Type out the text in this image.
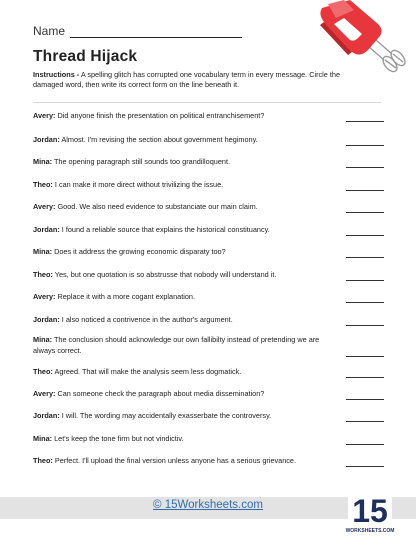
Name
Thread Hijack
Instructions - A spelling glitch has corrupted one vocabulary term in every message. Circle the damaged word, then write its correct form on the line beneath it.
Avery: Did anyone finish the presentation on political entranchisement?
Jordan: Almost. I'm revising the section about government hegimony.
Mina: The opening paragraph still sounds too grandilloquent.
Theo: I can make it more direct without trivilizing the issue.
Avery: Good. We also need evidence to substanciate our main claim.
Jordan: I found a reliable source that explains the historical constituancy.
Mina: Does it address the growing economic disparaty too?
Theo: Yes, but one quotation is so abstrusse that nobody will understand it.
Avery: Replace it with a more cogant explanation.
Jordan: I also noticed a contrivence in the author's argument.
Mina: The conclusion should acknowledge our own fallibilty instead of pretending we are always correct.
Theo: Agreed. That will make the analysis seem less dogmatick.
Avery: Can someone check the paragraph about media dissemination?
Jordan: I will. The wording may accidentally exasserbate the controversy.
Mina: Let's keep the tone firm but not vindictiv.
Theo: Perfect. I'll upload the final version unless anyone has a serious grievance.
© 15Worksheets.com	15
WORKSHEETS.COM
